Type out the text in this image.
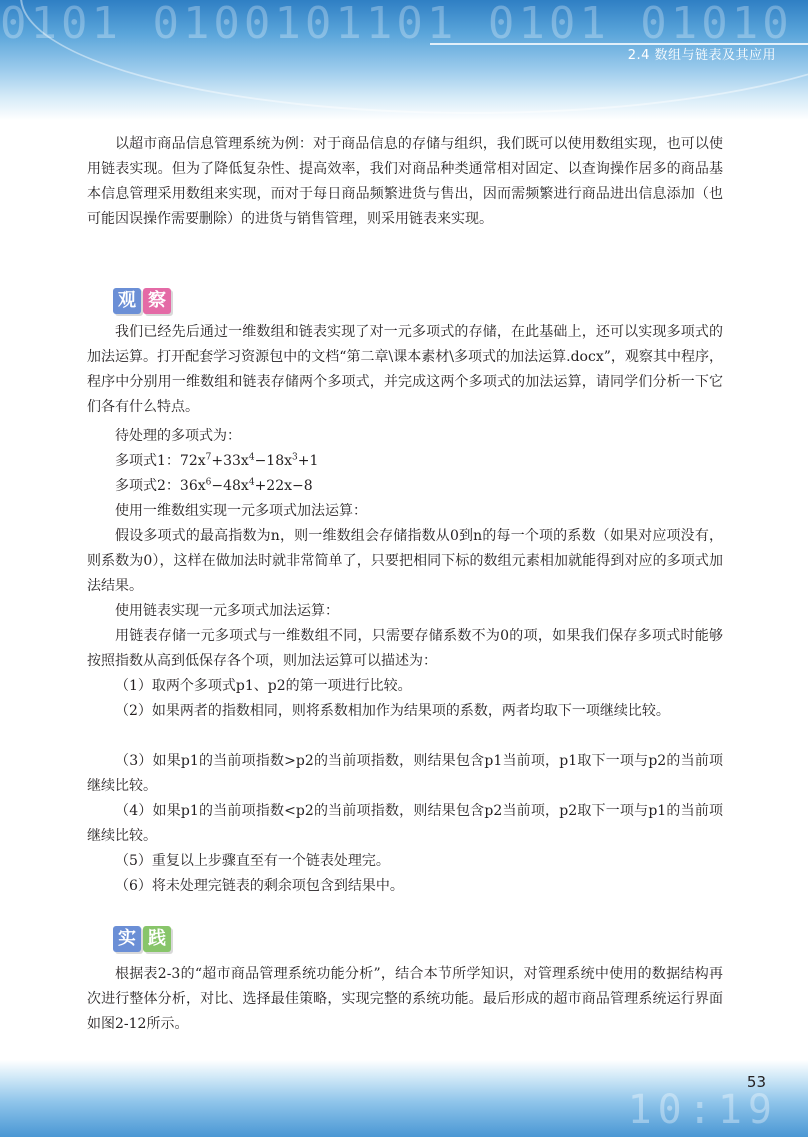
0101 0100101101 0101 01010
2.4 数组与链表及其应用
以超市商品信息管理系统为例：对于商品信息的存储与组织，我们既可以使用数组实现，也可以使用链表实现。但为了降低复杂性、提高效率，我们对商品种类通常相对固定、以查询操作居多的商品基本信息管理采用数组来实现，而对于每日商品频繁进货与售出，因而需频繁进行商品进出信息添加（也可能因误操作需要删除）的进货与销售管理，则采用链表来实现。
观 察
我们已经先后通过一维数组和链表实现了对一元多项式的存储，在此基础上，还可以实现多项式的加法运算。打开配套学习资源包中的文档“第二章\课本素材\多项式的加法运算.docx”，观察其中程序，程序中分别用一维数组和链表存储两个多项式，并完成这两个多项式的加法运算，请同学们分析一下它们各有什么特点。
待处理的多项式为：
多项式1：$72x^7+33x^4-18x^3+1$
多项式2：$36x^6-48x^4+22x-8$
使用一维数组实现一元多项式加法运算：
假设多项式的最高指数为n，则一维数组会存储指数从0到n的每一个项的系数（如果对应项没有，则系数为0），这样在做加法时就非常简单了，只要把相同下标的数组元素相加就能得到对应的多项式加法结果。
使用链表实现一元多项式加法运算：
用链表存储一元多项式与一维数组不同，只需要存储系数不为0的项，如果我们保存多项式时能够按照指数从高到低保存各个项，则加法运算可以描述为：
（1）取两个多项式p1、p2的第一项进行比较。
（2）如果两者的指数相同，则将系数相加作为结果项的系数，两者均取下一项继续比较。
（3）如果p1的当前项指数>p2的当前项指数，则结果包含p1当前项，p1取下一项与p2的当前项继续比较。
（4）如果p1的当前项指数<p2的当前项指数，则结果包含p2当前项，p2取下一项与p1的当前项继续比较。
（5）重复以上步骤直至有一个链表处理完。
（6）将未处理完链表的剩余项包含到结果中。
实 践
根据表2-3的“超市商品管理系统功能分析”，结合本节所学知识，对管理系统中使用的数据结构再次进行整体分析，对比、选择最佳策略，实现完整的系统功能。最后形成的超市商品管理系统运行界面如图2-12所示。
10:19
53
